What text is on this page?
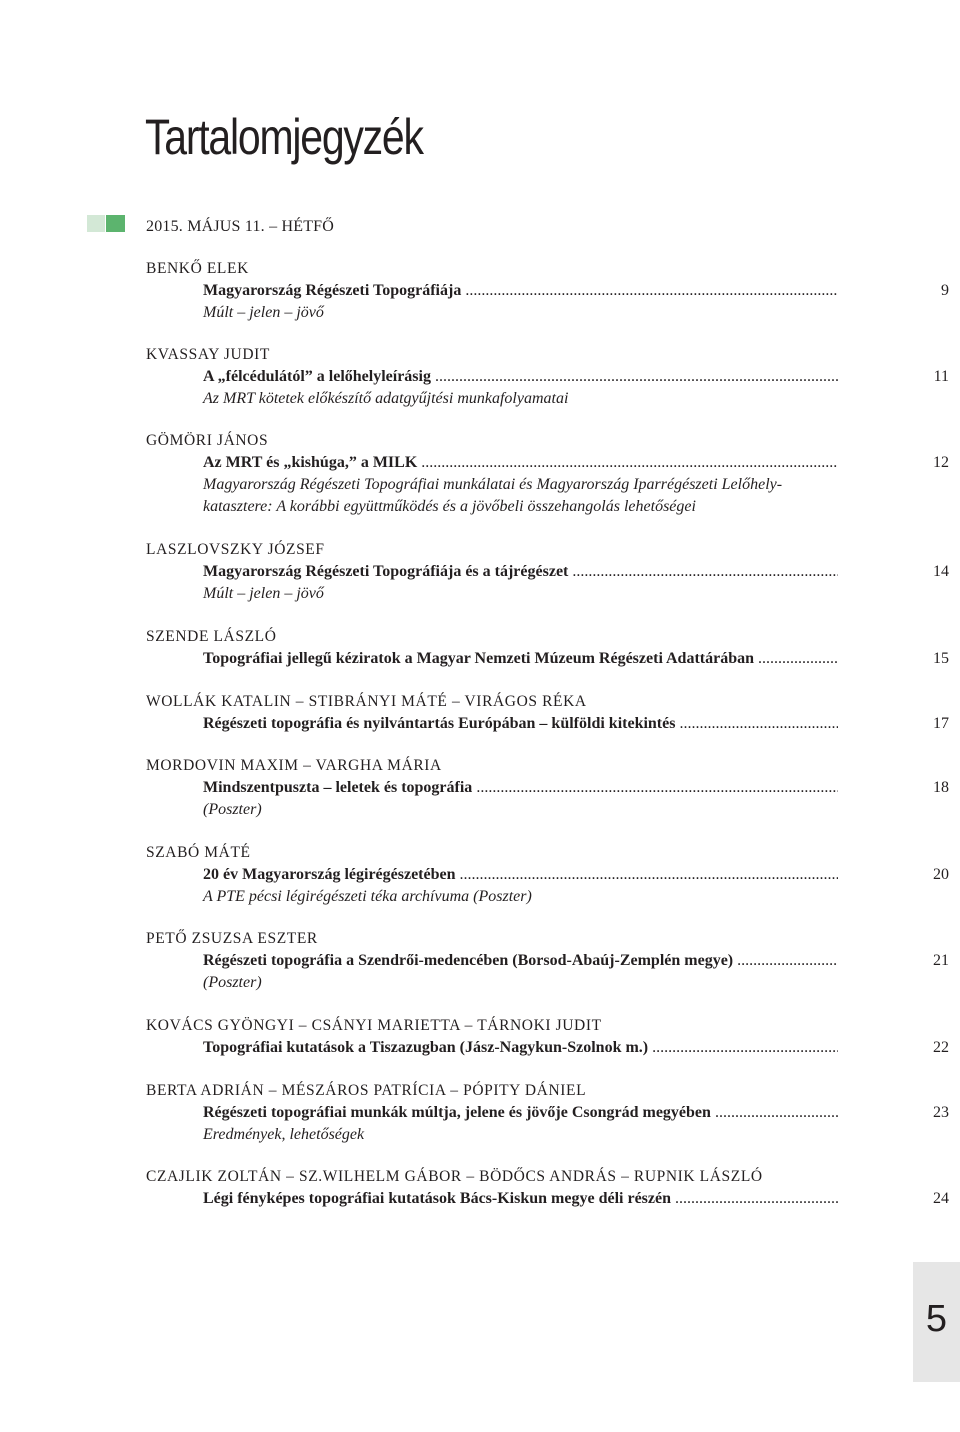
Tartalomjegyzék
2015. MÁJUS 11. – HÉTFŐ
BENKŐ ELEK
Magyarország Régészeti Topográfiája .....	9
Múlt – jelen – jövő
KVASSAY JUDIT
A „félcédulától” a lelőhelyleírásig .....	11
Az MRT kötetek előkészítő adatgyűjtési munkafolyamatai
GÖMÖRI JÁNOS
Az MRT és „kishúga,” a MILK .....	12
Magyarország Régészeti Topográfiai munkálatai és Magyarország Iparrégészeti Lelőhely-katasztere: A korábbi együttműködés és a jövőbeli összehangolás lehetőségei
LASZLOVSZKY JÓZSEF
Magyarország Régészeti Topográfiája és a tájrégészet .....	14
Múlt – jelen – jövő
SZENDE LÁSZLÓ
Topográfiai jellegű kéziratok a Magyar Nemzeti Múzeum Régészeti Adattárában .....	15
WOLLÁK KATALIN – STIBRÁNYI MÁTÉ – VIRÁGOS RÉKA
Régészeti topográfia és nyilvántartás Európában – külföldi kitekintés .....	17
MORDOVIN MAXIM – VARGHA MÁRIA
Mindszentpuszta – leletek és topográfia .....	18
(Poszter)
SZABÓ MÁTÉ
20 év Magyarország légirégészetében .....	20
A PTE pécsi légirégészeti téka archívuma (Poszter)
PETŐ ZSUZSA ESZTER
Régészeti topográfia a Szendrői-medencében (Borsod-Abaúj-Zemplén megye) .....	21
(Poszter)
KOVÁCS GYÖNGYI – CSÁNYI MARIETTA – TÁRNOKI JUDIT
Topográfiai kutatások a Tiszazugban (Jász-Nagykun-Szolnok m.) .....	22
BERTA ADRIÁN – MÉSZÁROS PATRÍCIA – PÓPITY DÁNIEL
Régészeti topográfiai munkák múltja, jelene és jövője Csongrád megyében .....	23
Eredmények, lehetőségek
CZAJLIK ZOLTÁN – SZ.WILHELM GÁBOR – BÖDŐCS ANDRÁS – RUPNIK LÁSZLÓ
Légi fényképes topográfiai kutatások Bács-Kiskun megye déli részén .....	24
5
